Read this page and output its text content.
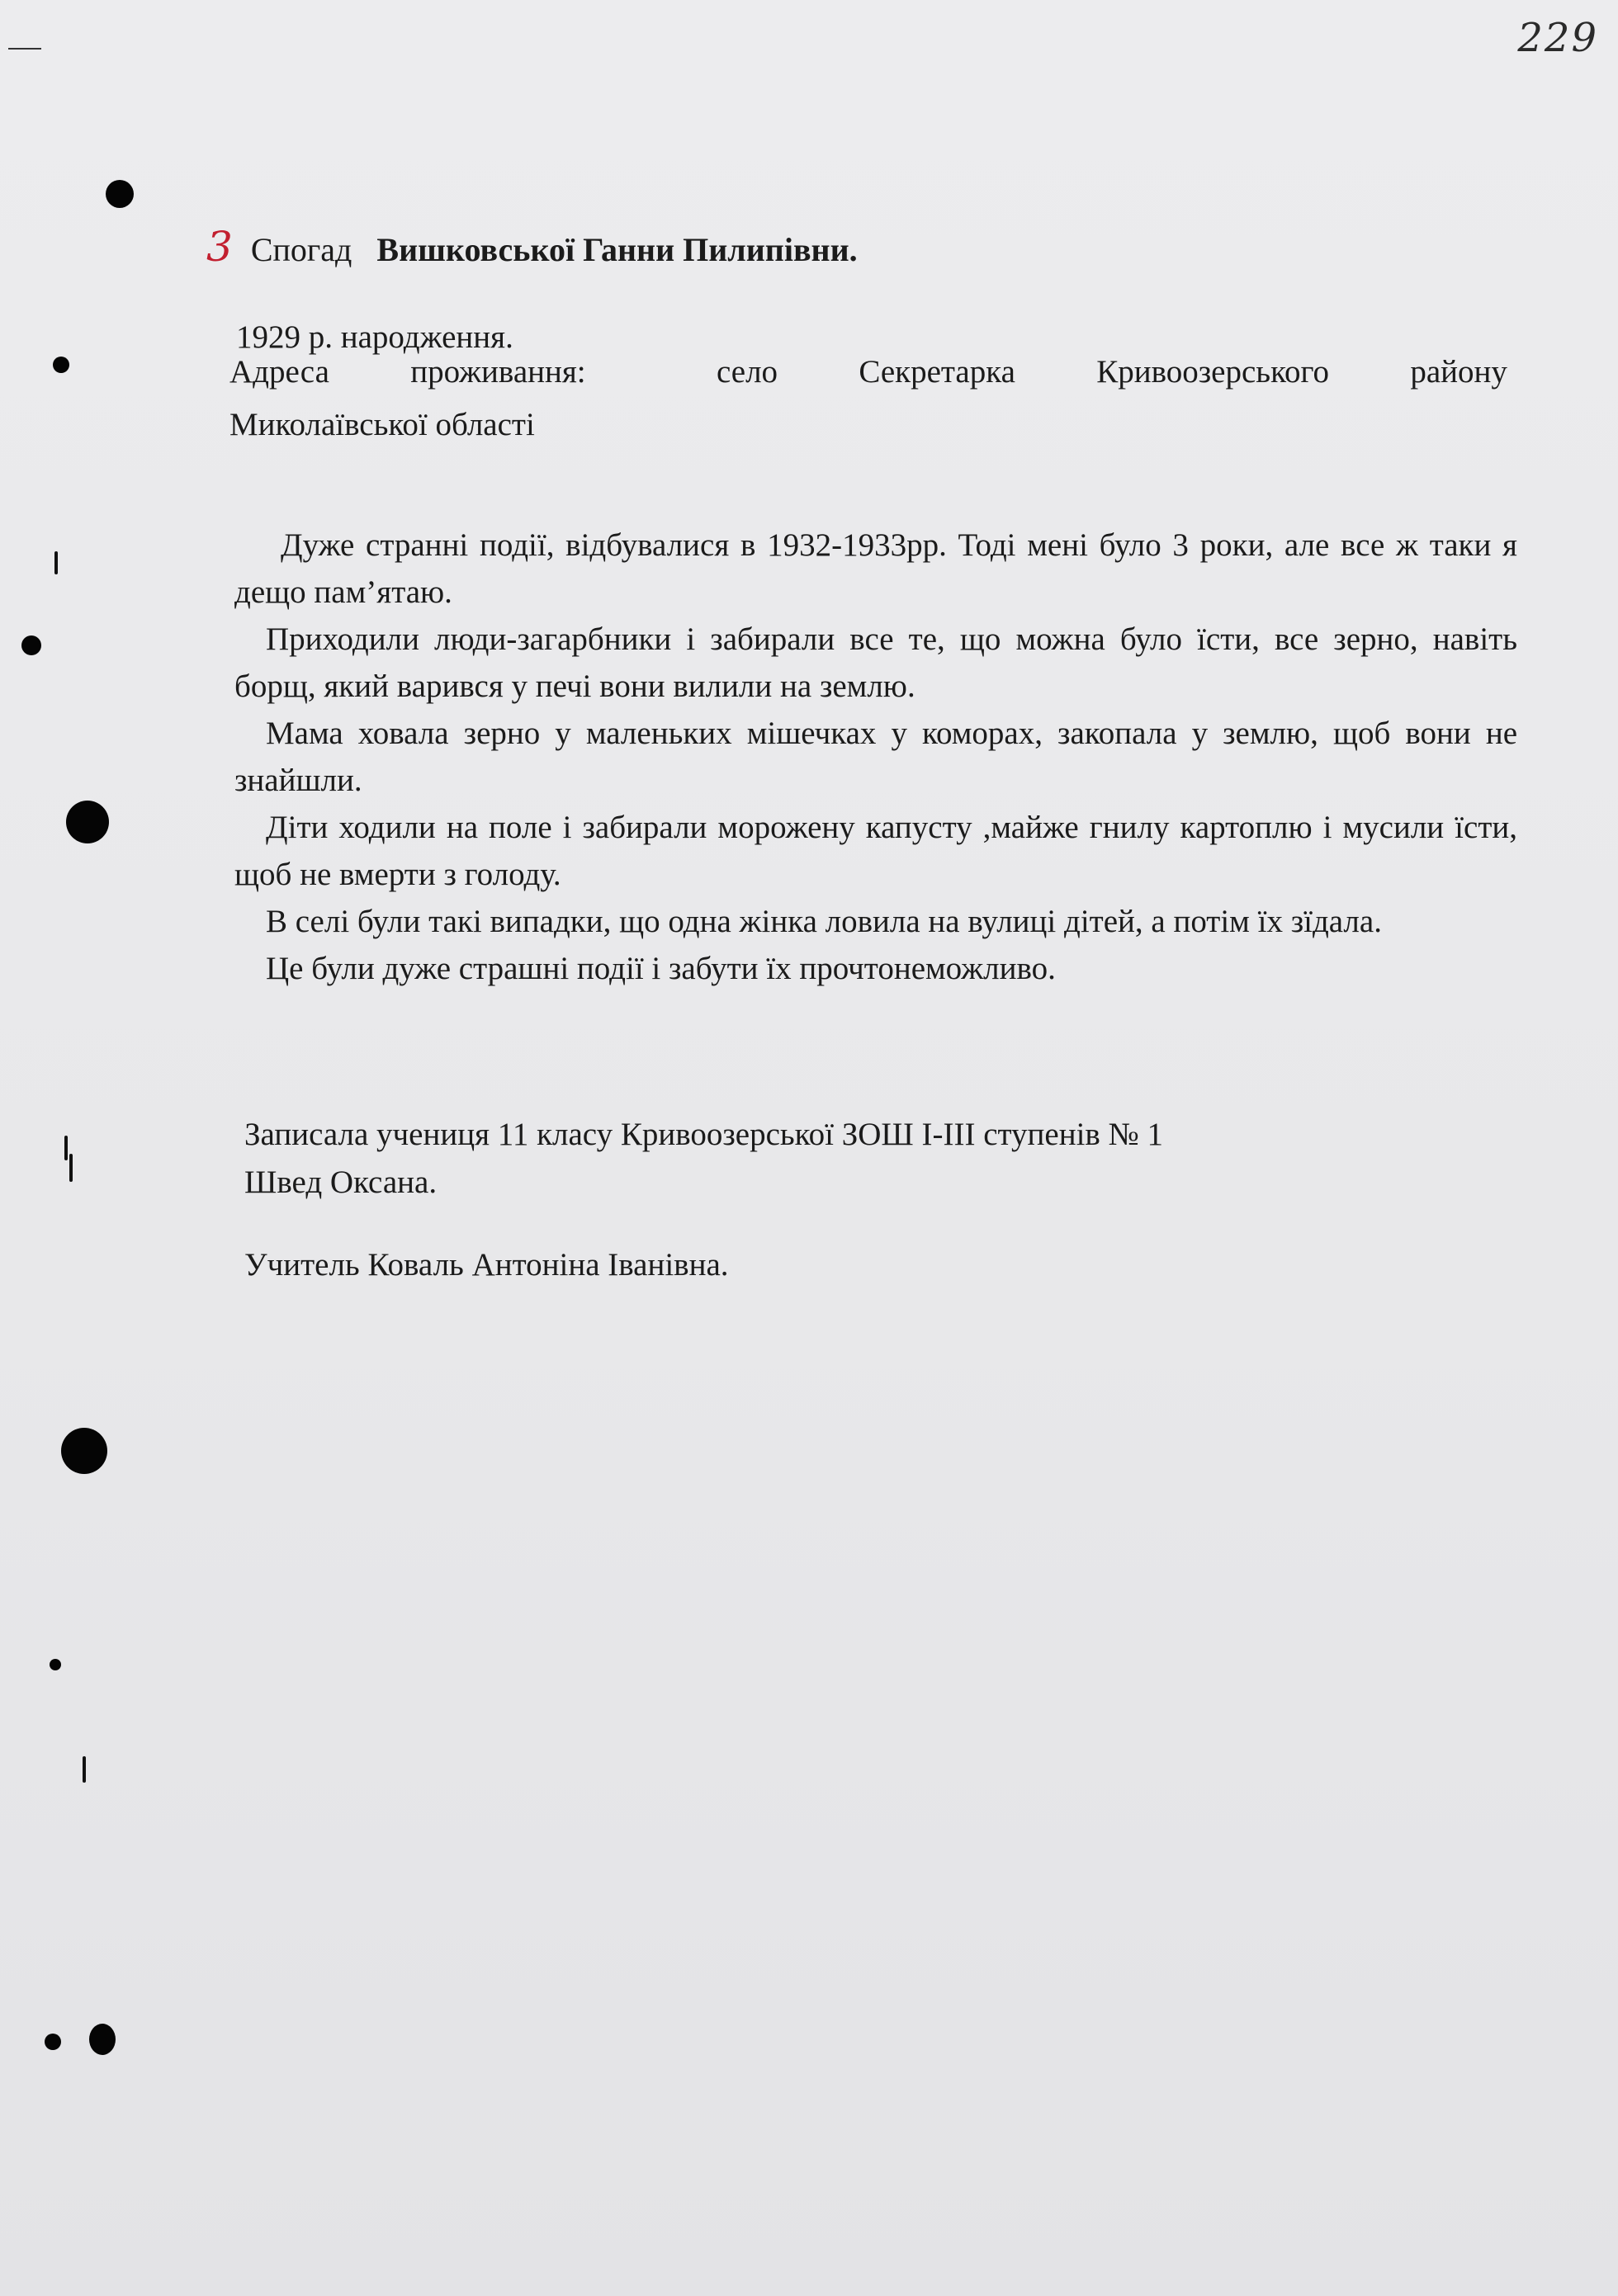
229
3 Спогад Вишковської Ганни Пилипівни.
1929 р. народження.
Адреса	проживання:	село	Секретарка	Кривоозерського	району
Миколаївської області

Дуже странні події, відбувалися в 1932-1933рр. Тоді мені було 3 роки, але все ж таки я дещо пам’ятаю.

Приходили люди-загарбники і забирали все те, що можна було їсти, все зерно, навіть борщ, який варився у печі вони вилили на землю.

Мама ховала зерно у маленьких мішечках у коморах, закопала у землю, щоб вони не знайшли.

Діти ходили на поле і забирали морожену капусту ,майже гнилу картоплю і мусили їсти, щоб не вмерти з голоду.

В селі були такі випадки, що одна жінка ловила на вулиці дітей, а потім їх зїдала.

Це були дуже страшні події і забути їх прочтонеможливо.

Записала учениця 11 класу Кривоозерської ЗОШ І-ІІІ ступенів № 1
Швед Оксана.
Учитель Коваль Антоніна Іванівна.
